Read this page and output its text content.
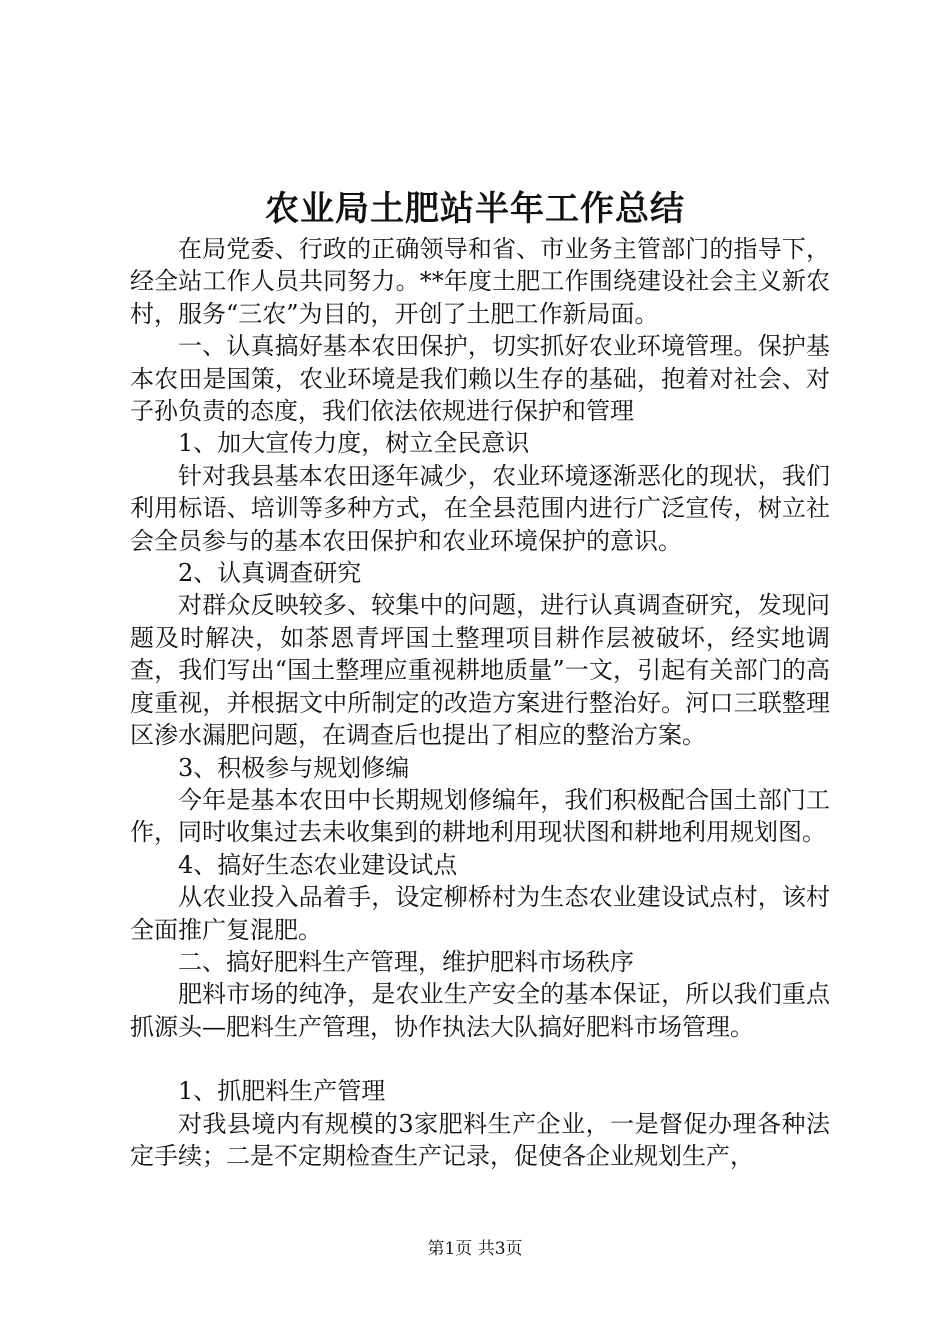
农业局土肥站半年工作总结

在局党委、行政的正确领导和省、市业务主管部门的指导下，经全站工作人员共同努力。**年度土肥工作围绕建设社会主义新农村，服务“三农”为目的，开创了土肥工作新局面。

一、认真搞好基本农田保护，切实抓好农业环境管理。保护基本农田是国策，农业环境是我们赖以生存的基础，抱着对社会、对子孙负责的态度，我们依法依规进行保护和管理

1、加大宣传力度，树立全民意识

针对我县基本农田逐年减少，农业环境逐渐恶化的现状，我们利用标语、培训等多种方式，在全县范围内进行广泛宣传，树立社会全员参与的基本农田保护和农业环境保护的意识。

2、认真调查研究

对群众反映较多、较集中的问题，进行认真调查研究，发现问题及时解决，如茶恩青坪国土整理项目耕作层被破坏，经实地调查，我们写出“国土整理应重视耕地质量”一文，引起有关部门的高度重视，并根据文中所制定的改造方案进行整治好。河口三联整理区渗水漏肥问题，在调查后也提出了相应的整治方案。

3、积极参与规划修编

今年是基本农田中长期规划修编年，我们积极配合国土部门工作，同时收集过去未收集到的耕地利用现状图和耕地利用规划图。

4、搞好生态农业建设试点

从农业投入品着手，设定柳桥村为生态农业建设试点村，该村全面推广复混肥。

二、搞好肥料生产管理，维护肥料市场秩序

肥料市场的纯净，是农业生产安全的基本保证，所以我们重点抓源头—肥料生产管理，协作执法大队搞好肥料市场管理。

1、抓肥料生产管理

对我县境内有规模的3家肥料生产企业，一是督促办理各种法定手续；二是不定期检查生产记录，促使各企业规划生产，

第1页 共3页
